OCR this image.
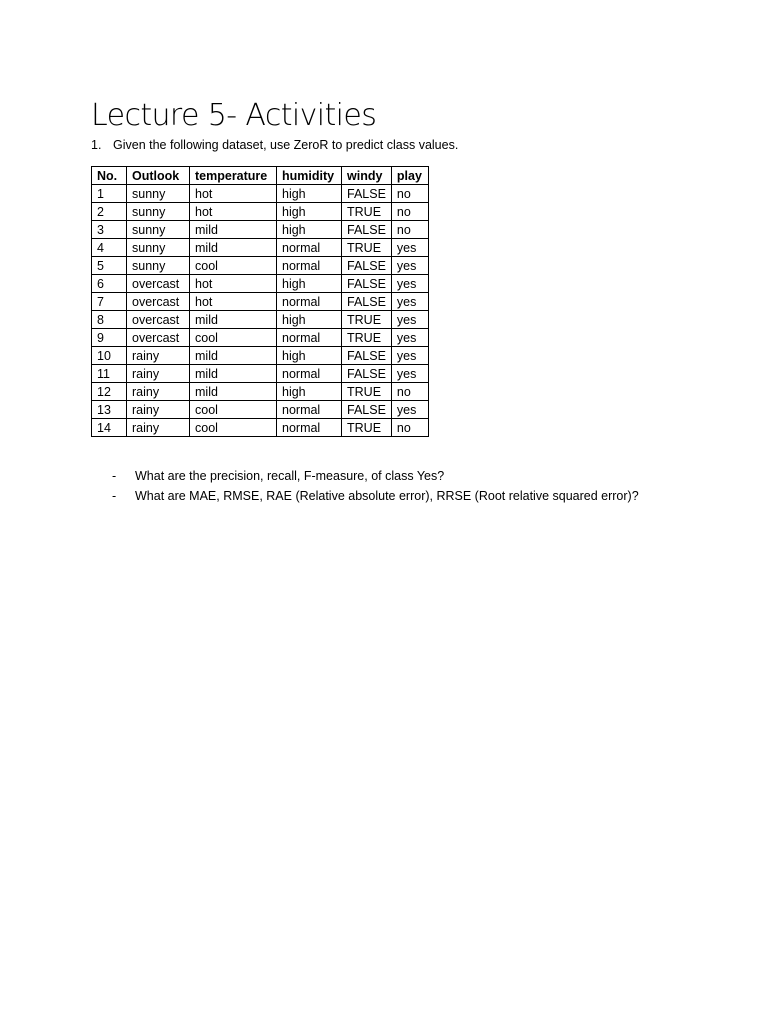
Lecture 5- Activities
1. Given the following dataset, use ZeroR to predict class values.
No.	Outlook	temperature	humidity	windy	play
1	sunny	hot	high	FALSE	no
2	sunny	hot	high	TRUE	no
3	sunny	mild	high	FALSE	no
4	sunny	mild	normal	TRUE	yes
5	sunny	cool	normal	FALSE	yes
6	overcast	hot	high	FALSE	yes
7	overcast	hot	normal	FALSE	yes
8	overcast	mild	high	TRUE	yes
9	overcast	cool	normal	TRUE	yes
10	rainy	mild	high	FALSE	yes
11	rainy	mild	normal	FALSE	yes
12	rainy	mild	high	TRUE	no
13	rainy	cool	normal	FALSE	yes
14	rainy	cool	normal	TRUE	no
- What are the precision, recall, F-measure, of class Yes?
- What are MAE, RMSE, RAE (Relative absolute error), RRSE (Root relative squared error)?
